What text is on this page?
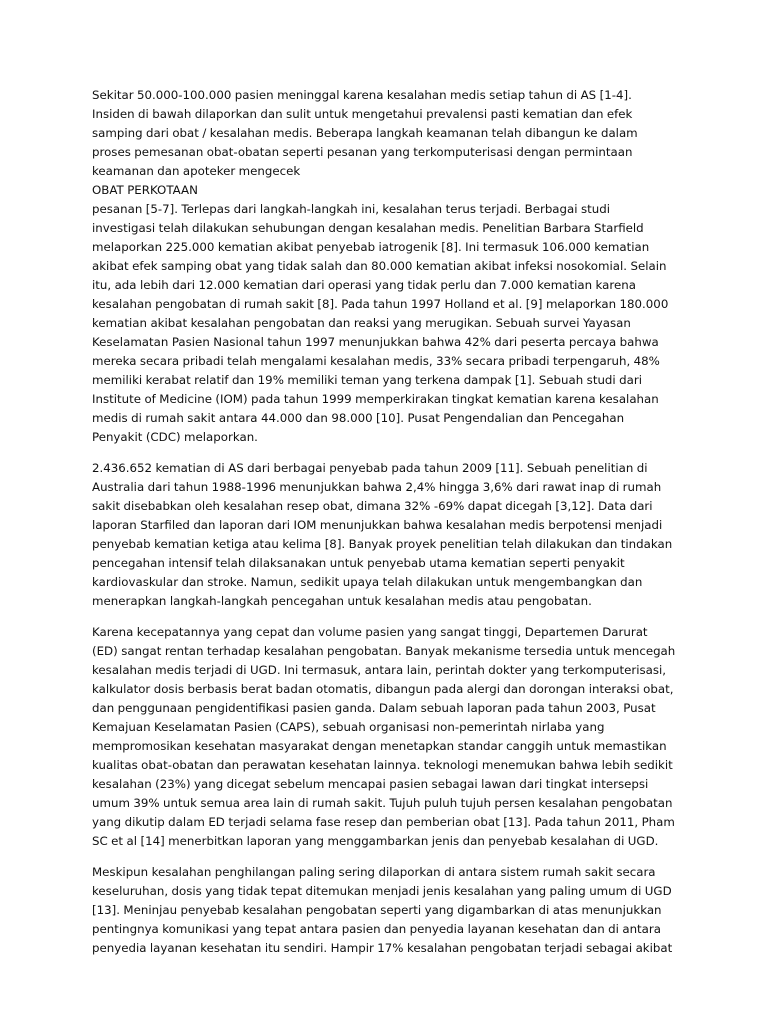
Sekitar 50.000-100.000 pasien meninggal karena kesalahan medis setiap tahun di AS [1-4]. Insiden di bawah dilaporkan dan sulit untuk mengetahui prevalensi pasti kematian dan efek samping dari obat / kesalahan medis. Beberapa langkah keamanan telah dibangun ke dalam proses pemesanan obat-obatan seperti pesanan yang terkomputerisasi dengan permintaan keamanan dan apoteker mengecek

OBAT PERKOTAAN

pesanan [5-7]. Terlepas dari langkah-langkah ini, kesalahan terus terjadi. Berbagai studi investigasi telah dilakukan sehubungan dengan kesalahan medis. Penelitian Barbara Starfield melaporkan 225.000 kematian akibat penyebab iatrogenik [8]. Ini termasuk 106.000 kematian akibat efek samping obat yang tidak salah dan 80.000 kematian akibat infeksi nosokomial. Selain itu, ada lebih dari 12.000 kematian dari operasi yang tidak perlu dan 7.000 kematian karena kesalahan pengobatan di rumah sakit [8]. Pada tahun 1997 Holland et al. [9] melaporkan 180.000 kematian akibat kesalahan pengobatan dan reaksi yang merugikan. Sebuah survei Yayasan Keselamatan Pasien Nasional tahun 1997 menunjukkan bahwa 42% dari peserta percaya bahwa mereka secara pribadi telah mengalami kesalahan medis, 33% secara pribadi terpengaruh, 48% memiliki kerabat relatif dan 19% memiliki teman yang terkena dampak [1]. Sebuah studi dari Institute of Medicine (IOM) pada tahun 1999 memperkirakan tingkat kematian karena kesalahan medis di rumah sakit antara 44.000 dan 98.000 [10]. Pusat Pengendalian dan Pencegahan Penyakit (CDC) melaporkan.

2.436.652 kematian di AS dari berbagai penyebab pada tahun 2009 [11]. Sebuah penelitian di Australia dari tahun 1988-1996 menunjukkan bahwa 2,4% hingga 3,6% dari rawat inap di rumah sakit disebabkan oleh kesalahan resep obat, dimana 32% -69% dapat dicegah [3,12]. Data dari laporan Starfiled dan laporan dari IOM menunjukkan bahwa kesalahan medis berpotensi menjadi penyebab kematian ketiga atau kelima [8]. Banyak proyek penelitian telah dilakukan dan tindakan pencegahan intensif telah dilaksanakan untuk penyebab utama kematian seperti penyakit kardiovaskular dan stroke. Namun, sedikit upaya telah dilakukan untuk mengembangkan dan menerapkan langkah-langkah pencegahan untuk kesalahan medis atau pengobatan.

Karena kecepatannya yang cepat dan volume pasien yang sangat tinggi, Departemen Darurat (ED) sangat rentan terhadap kesalahan pengobatan. Banyak mekanisme tersedia untuk mencegah kesalahan medis terjadi di UGD. Ini termasuk, antara lain, perintah dokter yang terkomputerisasi, kalkulator dosis berbasis berat badan otomatis, dibangun pada alergi dan dorongan interaksi obat, dan penggunaan pengidentifikasi pasien ganda. Dalam sebuah laporan pada tahun 2003, Pusat Kemajuan Keselamatan Pasien (CAPS), sebuah organisasi non-pemerintah nirlaba yang mempromosikan kesehatan masyarakat dengan menetapkan standar canggih untuk memastikan kualitas obat-obatan dan perawatan kesehatan lainnya. teknologi menemukan bahwa lebih sedikit kesalahan (23%) yang dicegat sebelum mencapai pasien sebagai lawan dari tingkat intersepsi umum 39% untuk semua area lain di rumah sakit. Tujuh puluh tujuh persen kesalahan pengobatan yang dikutip dalam ED terjadi selama fase resep dan pemberian obat [13]. Pada tahun 2011, Pham SC et al [14] menerbitkan laporan yang menggambarkan jenis dan penyebab kesalahan di UGD.

Meskipun kesalahan penghilangan paling sering dilaporkan di antara sistem rumah sakit secara keseluruhan, dosis yang tidak tepat ditemukan menjadi jenis kesalahan yang paling umum di UGD [13]. Meninjau penyebab kesalahan pengobatan seperti yang digambarkan di atas menunjukkan pentingnya komunikasi yang tepat antara pasien dan penyedia layanan kesehatan dan di antara penyedia layanan kesehatan itu sendiri. Hampir 17% kesalahan pengobatan terjadi sebagai akibat
